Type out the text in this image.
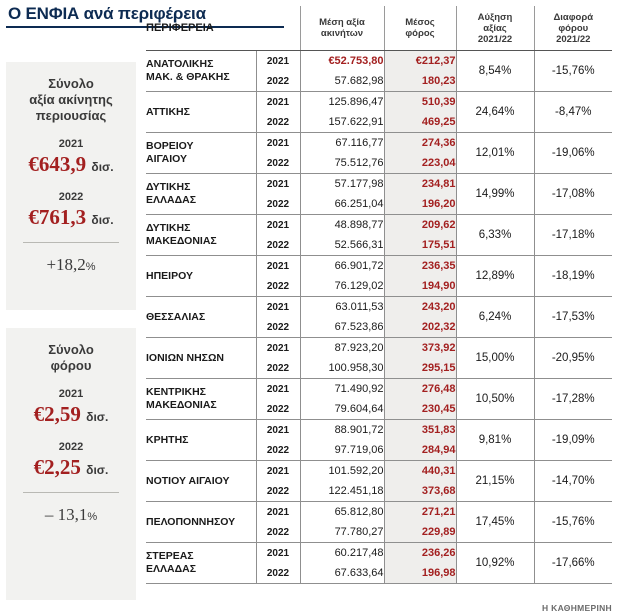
Ο ΕΝΦΙΑ ανά περιφέρεια
Σύνολο
αξία ακίνητης
περιουσίας
2021
€643,9 δισ.
2022
€761,3 δισ.
+18,2%
Σύνολο
φόρου
2021
€2,59 δισ.
2022
€2,25 δισ.
– 13,1%
ΠΕΡΙΦΕΡΕΙΑ	Μέση αξία
ακινήτων

Μέσος
φόρος

Αύξηση
αξίας
2021/22

Διαφορά
φόρου
2021/22

ΑΝΑΤΟΛΙΚΗΣ
ΜΑΚ. & ΘΡΑΚΗΣ	2021	€52.753,80	€212,37	8,54%	-15,76%
	2022	57.682,98	180,23		

ΑΤΤΙΚΗΣ	2021	125.896,47	510,39	24,64%	-8,47%
	2022	157.622,91	469,25		

ΒΟΡΕΙΟΥ
ΑΙΓΑΙΟΥ	2021	67.116,77	274,36	12,01%	-19,06%
	2022	75.512,76	223,04		

ΔΥΤΙΚΗΣ
ΕΛΛΑΔΑΣ	2021	57.177,98	234,81	14,99%	-17,08%
	2022	66.251,04	196,20		

ΔΥΤΙΚΗΣ
ΜΑΚΕΔΟΝΙΑΣ	2021	48.898,77	209,62	6,33%	-17,18%
	2022	52.566,31	175,51		

ΗΠΕΙΡΟΥ	2021	66.901,72	236,35	12,89%	-18,19%
	2022	76.129,02	194,90		

ΘΕΣΣΑΛΙΑΣ	2021	63.011,53	243,20	6,24%	-17,53%
	2022	67.523,86	202,32		

ΙΟΝΙΩΝ ΝΗΣΩΝ	2021	87.923,20	373,92	15,00%	-20,95%
	2022	100.958,30	295,15		

ΚΕΝΤΡΙΚΗΣ
ΜΑΚΕΔΟΝΙΑΣ	2021	71.490,92	276,48	10,50%	-17,28%
	2022	79.604,64	230,45		

ΚΡΗΤΗΣ	2021	88.901,72	351,83	9,81%	-19,09%
	2022	97.719,06	284,94		

ΝΟΤΙΟΥ ΑΙΓΑΙΟΥ	2021	101.592,20	440,31	21,15%	-14,70%
	2022	122.451,18	373,68		

ΠΕΛΟΠΟΝΝΗΣΟΥ	2021	65.812,80	271,21	17,45%	-15,76%
	2022	77.780,27	229,89		

ΣΤΕΡΕΑΣ
ΕΛΛΑΔΑΣ	2021	60.217,48	236,26	10,92%	-17,66%
	2022	67.633,64	196,98		
Η ΚΑΘΗΜΕΡΙΝΗ
